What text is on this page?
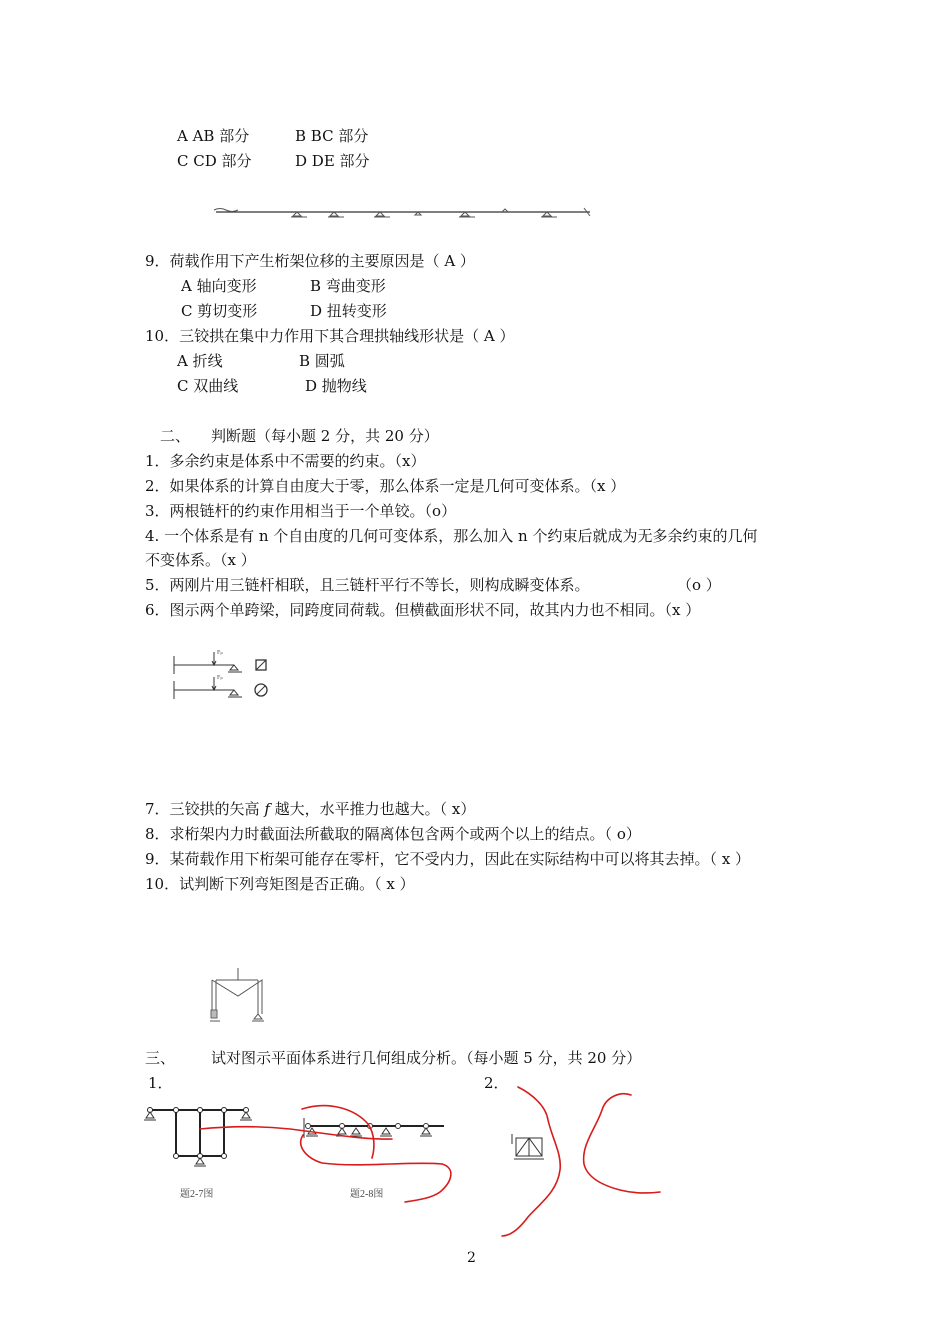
A AB 部分	B BC 部分
C CD 部分	D DE 部分
9．荷载作用下产生桁架位移的主要原因是（ A ）
A 轴向变形	B 弯曲变形
C 剪切变形	D 扭转变形
10．三铰拱在集中力作用下其合理拱轴线形状是（ A ）
A 折线	B 圆弧
C 双曲线	D 抛物线
二、 判断题（每小题 2 分，共 20 分）
1．多余约束是体系中不需要的约束。（x）
2．如果体系的计算自由度大于零，那么体系一定是几何可变体系。（x ）
3．两根链杆的约束作用相当于一个单铰。（o）
4. 一个体系是有 n 个自由度的几何可变体系，那么加入 n 个约束后就成为无多余约束的几何
不变体系。（x ）
5．两刚片用三链杆相联，且三链杆平行不等长，则构成瞬变体系。	（o ）
6．图示两个单跨梁，同跨度同荷载。但横截面形状不同，故其内力也不相同。（x ）
Fₚ
Fₚ
7．三铰拱的矢高 f 越大，水平推力也越大。（ x）
8．求桁架内力时截面法所截取的隔离体包含两个或两个以上的结点。（ o）
9．某荷载作用下桁架可能存在零杆，它不受内力，因此在实际结构中可以将其去掉。（ x ）
10．试判断下列弯矩图是否正确。（ x ）
三、 试对图示平面体系进行几何组成分析。（每小题 5 分，共 20 分）
1．	2．
题2-7图	题2-8图
2
